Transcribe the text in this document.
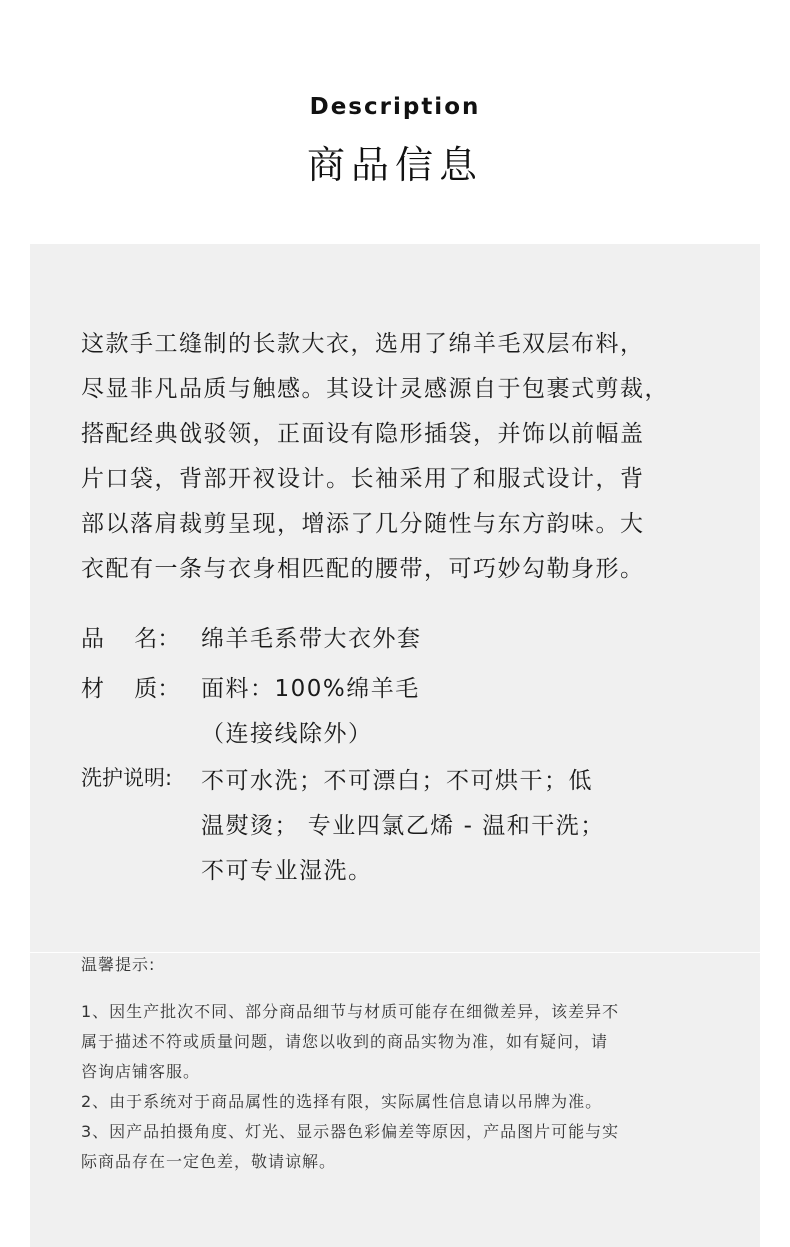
Description
商品信息
这款手工缝制的长款大衣，选用了绵羊毛双层布料，
尽显非凡品质与触感。其设计灵感源自于包裹式剪裁，
搭配经典戗驳领，正面设有隐形插袋，并饰以前幅盖
片口袋，背部开衩设计。长袖采用了和服式设计，背
部以落肩裁剪呈现，增添了几分随性与东方韵味。大
衣配有一条与衣身相匹配的腰带，可巧妙勾勒身形。
品　 名： 绵羊毛系带大衣外套
材　 质： 面料：100%绵羊毛
（连接线除外）
洗护说明: 不可水洗；不可漂白；不可烘干；低
温熨烫； 专业四氯乙烯 - 温和干洗；
不可专业湿洗。
温馨提示:
1、因生产批次不同、部分商品细节与材质可能存在细微差异，该差异不
属于描述不符或质量问题，请您以收到的商品实物为准，如有疑问，请
咨询店铺客服。
2、由于系统对于商品属性的选择有限，实际属性信息请以吊牌为准。
3、因产品拍摄角度、灯光、显示器色彩偏差等原因，产品图片可能与实
际商品存在一定色差，敬请谅解。
